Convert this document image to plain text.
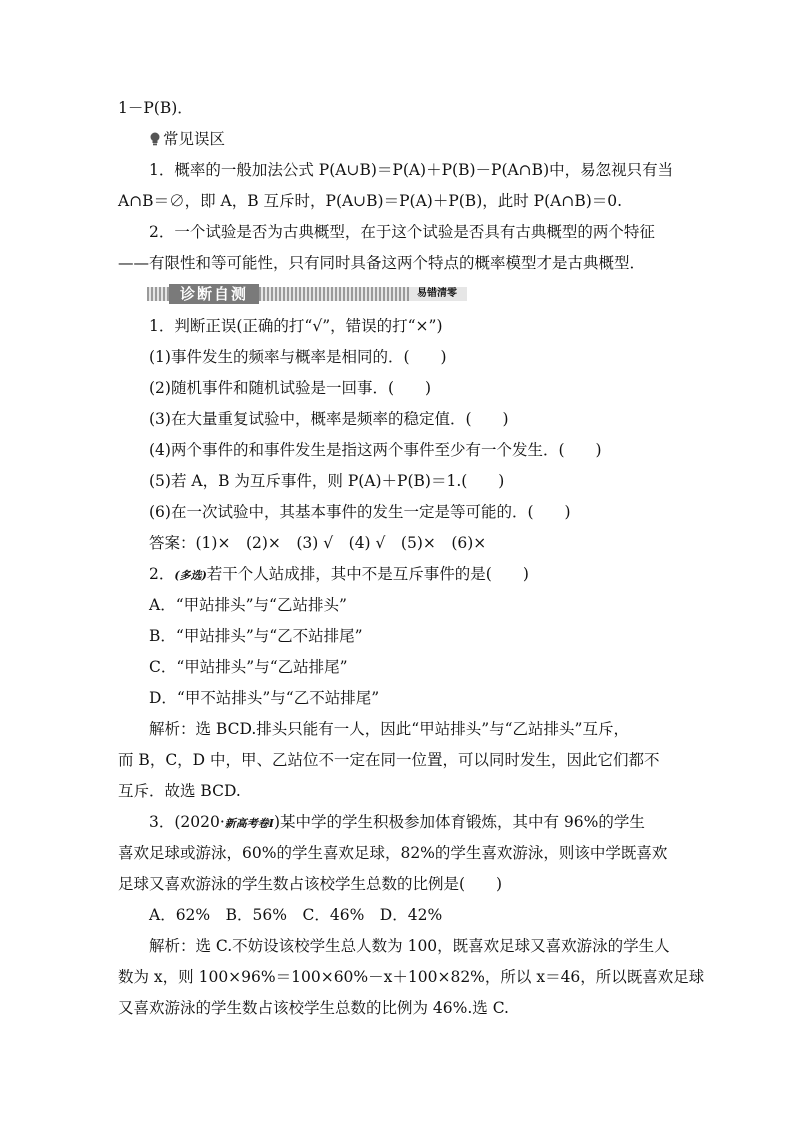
1－P(B)．
常见误区
1．概率的一般加法公式 P(A∪B)＝P(A)＋P(B)－P(A∩B)中，易忽视只有当
A∩B＝∅，即 A，B 互斥时，P(A∪B)＝P(A)＋P(B)，此时 P(A∩B)＝0.
2．一个试验是否为古典概型，在于这个试验是否具有古典概型的两个特征
——有限性和等可能性，只有同时具备这两个特点的概率模型才是古典概型．
诊断自测	易错清零
1．判断正误(正确的打“√”，错误的打“×”)
(1)事件发生的频率与概率是相同的．(　　)
(2)随机事件和随机试验是一回事．(　　)
(3)在大量重复试验中，概率是频率的稳定值．(　　)
(4)两个事件的和事件发生是指这两个事件至少有一个发生．(　　)
(5)若 A，B 为互斥事件，则 P(A)＋P(B)＝1.(　　)
(6)在一次试验中，其基本事件的发生一定是等可能的．(　　)
答案：(1)×　(2)×　(3) √　(4) √　(5)×　(6)×
2．(多选)若干个人站成排，其中不是互斥事件的是(　　)
A．“甲站排头”与“乙站排头”
B．“甲站排头”与“乙不站排尾”
C．“甲站排头”与“乙站排尾”
D．“甲不站排头”与“乙不站排尾”
解析：选 BCD.排头只能有一人，因此“甲站排头”与“乙站排头”互斥，
而 B，C，D 中，甲、乙站位不一定在同一位置，可以同时发生，因此它们都不
互斥．故选 BCD.
3．(2020·新高考卷Ⅰ)某中学的学生积极参加体育锻炼，其中有 96%的学生
喜欢足球或游泳，60%的学生喜欢足球，82%的学生喜欢游泳，则该中学既喜欢
足球又喜欢游泳的学生数占该校学生总数的比例是(　　)
A．62%　B．56%　C．46%　D．42%
解析：选 C.不妨设该校学生总人数为 100，既喜欢足球又喜欢游泳的学生人
数为 x，则 100×96%＝100×60%－x＋100×82%，所以 x＝46，所以既喜欢足球
又喜欢游泳的学生数占该校学生总数的比例为 46%.选 C.
